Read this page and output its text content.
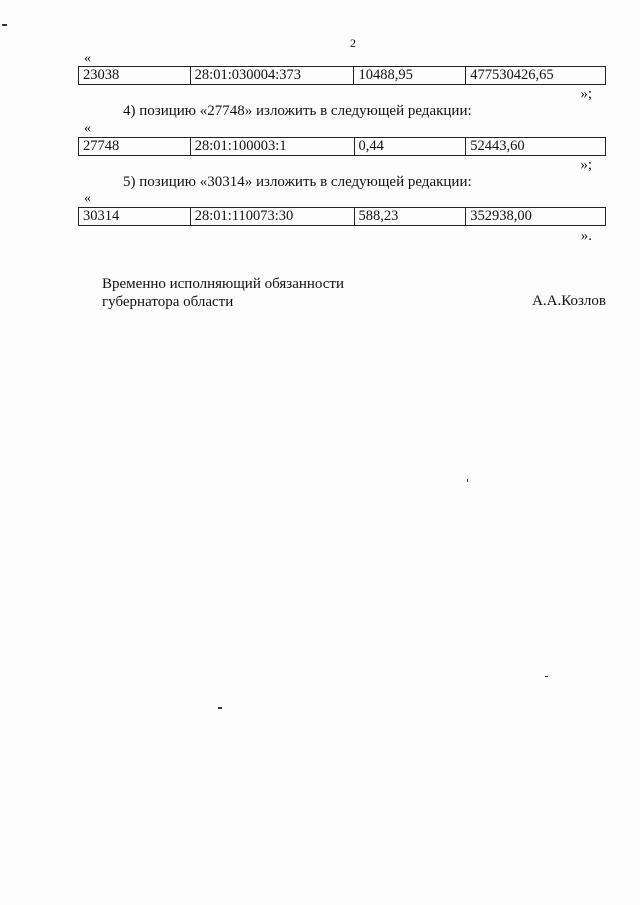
2
«
23038	28:01:030004:373	10488,95	477530426,65
»;
4) позицию «27748» изложить в следующей редакции:
«
27748	28:01:100003:1	0,44	52443,60
»;
5) позицию «30314» изложить в следующей редакции:
«
30314	28:01:110073:30	588,23	352938,00
».
Временно исполняющий обязанности
губернатора области	А.А.Козлов
